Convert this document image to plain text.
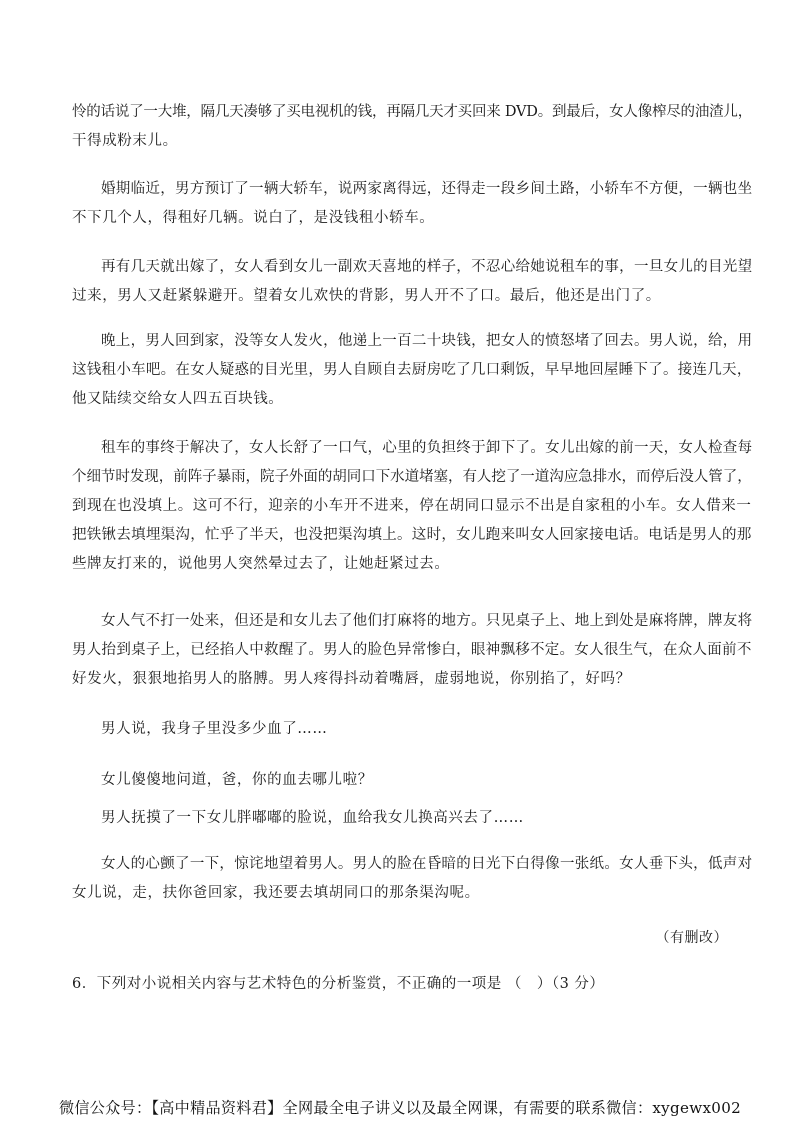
怜的话说了一大堆，隔几天凑够了买电视机的钱，再隔几天才买回来 DVD。到最后，女人像榨尽的油渣儿，
干得成粉末儿。
婚期临近，男方预订了一辆大轿车，说两家离得远，还得走一段乡间土路，小轿车不方便，一辆也坐
不下几个人，得租好几辆。说白了，是没钱租小轿车。
再有几天就出嫁了，女人看到女儿一副欢天喜地的样子，不忍心给她说租车的事，一旦女儿的目光望
过来，男人又赶紧躲避开。望着女儿欢快的背影，男人开不了口。最后，他还是出门了。
晚上，男人回到家，没等女人发火，他递上一百二十块钱，把女人的愤怒堵了回去。男人说，给，用
这钱租小车吧。在女人疑惑的目光里，男人自顾自去厨房吃了几口剩饭，早早地回屋睡下了。接连几天，
他又陆续交给女人四五百块钱。
租车的事终于解决了，女人长舒了一口气，心里的负担终于卸下了。女儿出嫁的前一天，女人检查每
个细节时发现，前阵子暴雨，院子外面的胡同口下水道堵塞，有人挖了一道沟应急排水，而停后没人管了，
到现在也没填上。这可不行，迎亲的小车开不进来，停在胡同口显示不出是自家租的小车。女人借来一
把铁锹去填埋渠沟，忙乎了半天，也没把渠沟填上。这时，女儿跑来叫女人回家接电话。电话是男人的那
些牌友打来的，说他男人突然晕过去了，让她赶紧过去。
女人气不打一处来，但还是和女儿去了他们打麻将的地方。只见桌子上、地上到处是麻将牌，牌友将
男人抬到桌子上，已经掐人中救醒了。男人的脸色异常惨白，眼神飘移不定。女人很生气，在众人面前不
好发火，狠狠地掐男人的胳膊。男人疼得抖动着嘴唇，虚弱地说，你别掐了，好吗？
男人说，我身子里没多少血了……
女儿傻傻地问道，爸，你的血去哪儿啦？
男人抚摸了一下女儿胖嘟嘟的脸说，血给我女儿换高兴去了……
女人的心颤了一下，惊诧地望着男人。男人的脸在昏暗的日光下白得像一张纸。女人垂下头，低声对
女儿说，走，扶你爸回家，我还要去填胡同口的那条渠沟呢。
（有删改）
6．下列对小说相关内容与艺术特色的分析鉴赏，不正确的一项是 （　）（3 分）
微信公众号：【高中精品资料君】全网最全电子讲义以及最全网课，有需要的联系微信：xygewx002
